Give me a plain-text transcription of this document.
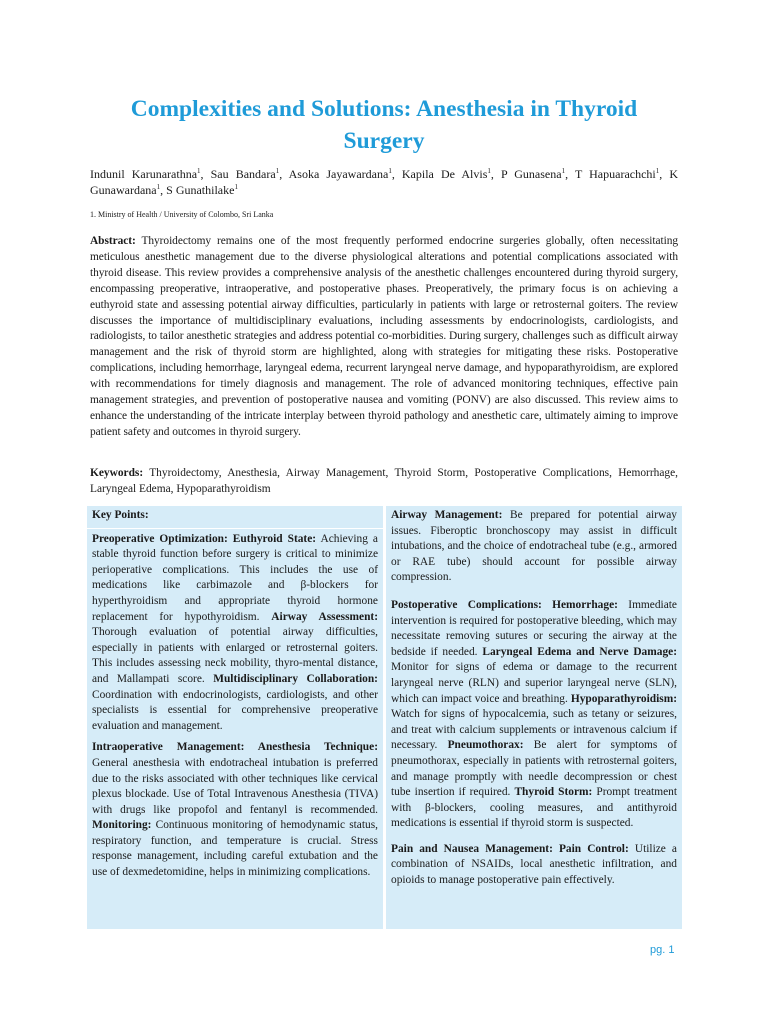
Complexities and Solutions: Anesthesia in Thyroid Surgery
Indunil Karunarathna$^1$, Sau Bandara$^1$, Asoka Jayawardana$^1$, Kapila De Alvis$^1$, P Gunasena$^1$, T Hapuarachchi$^1$, K Gunawardana$^1$, S Gunathilake$^1$
1. Ministry of Health / University of Colombo, Sri Lanka
Abstract: Thyroidectomy remains one of the most frequently performed endocrine surgeries globally, often necessitating meticulous anesthetic management due to the diverse physiological alterations and potential complications associated with thyroid disease. This review provides a comprehensive analysis of the anesthetic challenges encountered during thyroid surgery, encompassing preoperative, intraoperative, and postoperative phases. Preoperatively, the primary focus is on achieving a euthyroid state and assessing potential airway difficulties, particularly in patients with large or retrosternal goiters. The review discusses the importance of multidisciplinary evaluations, including assessments by endocrinologists, cardiologists, and radiologists, to tailor anesthetic strategies and address potential co-morbidities. During surgery, challenges such as difficult airway management and the risk of thyroid storm are highlighted, along with strategies for mitigating these risks. Postoperative complications, including hemorrhage, laryngeal edema, recurrent laryngeal nerve damage, and hypoparathyroidism, are explored with recommendations for timely diagnosis and management. The role of advanced monitoring techniques, effective pain management strategies, and prevention of postoperative nausea and vomiting (PONV) are also discussed. This review aims to enhance the understanding of the intricate interplay between thyroid pathology and anesthetic care, ultimately aiming to improve patient safety and outcomes in thyroid surgery.
Keywords: Thyroidectomy, Anesthesia, Airway Management, Thyroid Storm, Postoperative Complications, Hemorrhage, Laryngeal Edema, Hypoparathyroidism
Key Points:

Preoperative Optimization: Euthyroid State: Achieving a stable thyroid function before surgery is critical to minimize perioperative complications. This includes the use of medications like carbimazole and β-blockers for hyperthyroidism and appropriate thyroid hormone replacement for hypothyroidism. Airway Assessment: Thorough evaluation of potential airway difficulties, especially in patients with enlarged or retrosternal goiters. This includes assessing neck mobility, thyro-mental distance, and Mallampati score. Multidisciplinary Collaboration: Coordination with endocrinologists, cardiologists, and other specialists is essential for comprehensive preoperative evaluation and management.

Intraoperative Management: Anesthesia Technique: General anesthesia with endotracheal intubation is preferred due to the risks associated with other techniques like cervical plexus blockade. Use of Total Intravenous Anesthesia (TIVA) with drugs like propofol and fentanyl is recommended. Monitoring: Continuous monitoring of hemodynamic status, respiratory function, and temperature is crucial. Stress response management, including careful extubation and the use of dexmedetomidine, helps in minimizing complications.

Airway Management: Be prepared for potential airway issues. Fiberoptic bronchoscopy may assist in difficult intubations, and the choice of endotracheal tube (e.g., armored or RAE tube) should account for possible airway compression.

Postoperative Complications: Hemorrhage: Immediate intervention is required for postoperative bleeding, which may necessitate removing sutures or securing the airway at the bedside if needed. Laryngeal Edema and Nerve Damage: Monitor for signs of edema or damage to the recurrent laryngeal nerve (RLN) and superior laryngeal nerve (SLN), which can impact voice and breathing. Hypoparathyroidism: Watch for signs of hypocalcemia, such as tetany or seizures, and treat with calcium supplements or intravenous calcium if necessary. Pneumothorax: Be alert for symptoms of pneumothorax, especially in patients with retrosternal goiters, and manage promptly with needle decompression or chest tube insertion if required. Thyroid Storm: Prompt treatment with β-blockers, cooling measures, and antithyroid medications is essential if thyroid storm is suspected.

Pain and Nausea Management: Pain Control: Utilize a combination of NSAIDs, local anesthetic infiltration, and opioids to manage postoperative pain effectively.

pg. 1
